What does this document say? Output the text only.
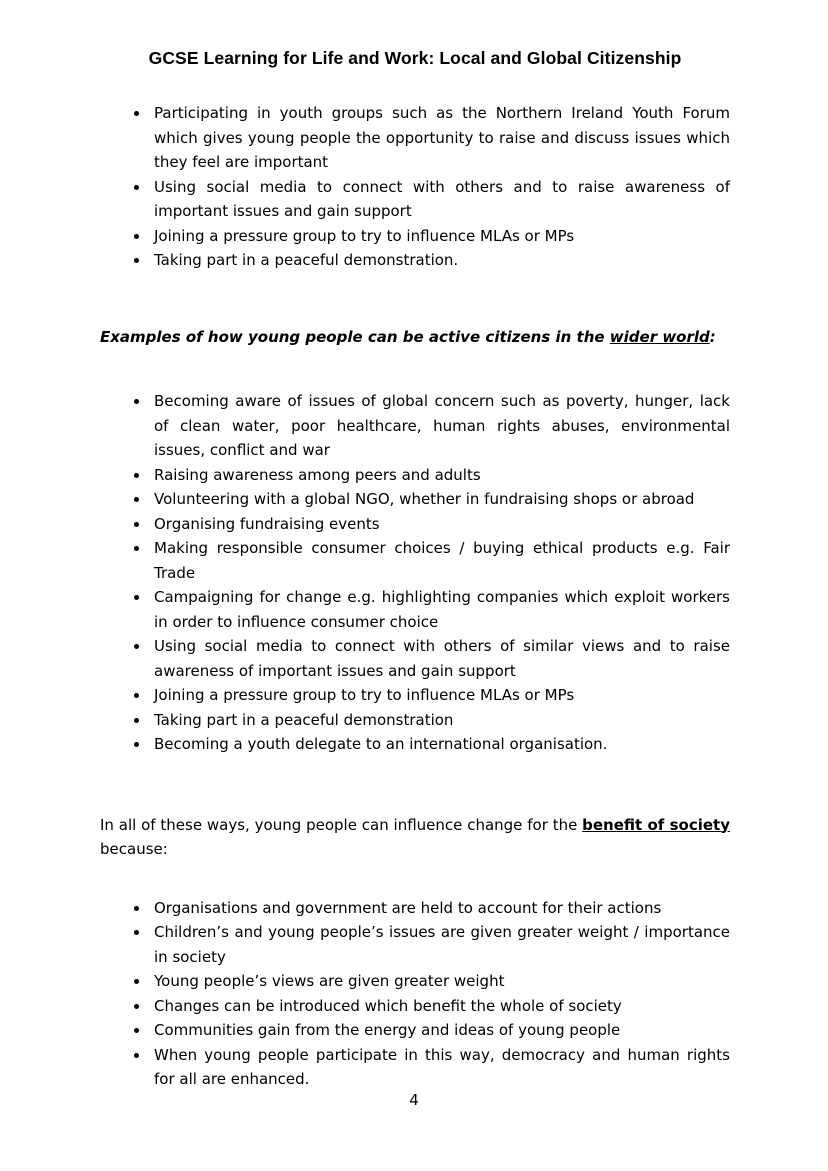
GCSE Learning for Life and Work: Local and Global Citizenship
• Participating in youth groups such as the Northern Ireland Youth Forum which gives young people the opportunity to raise and discuss issues which they feel are important
• Using social media to connect with others and to raise awareness of important issues and gain support
• Joining a pressure group to try to influence MLAs or MPs
• Taking part in a peaceful demonstration.

Examples of how young people can be active citizens in the wider world:

• Becoming aware of issues of global concern such as poverty, hunger, lack of clean water, poor healthcare, human rights abuses, environmental issues, conflict and war
• Raising awareness among peers and adults
• Volunteering with a global NGO, whether in fundraising shops or abroad
• Organising fundraising events
• Making responsible consumer choices / buying ethical products e.g. Fair Trade
• Campaigning for change e.g. highlighting companies which exploit workers in order to influence consumer choice
• Using social media to connect with others of similar views and to raise awareness of important issues and gain support
• Joining a pressure group to try to influence MLAs or MPs
• Taking part in a peaceful demonstration
• Becoming a youth delegate to an international organisation.

In all of these ways, young people can influence change for the benefit of society because:

• Organisations and government are held to account for their actions
• Children’s and young people’s issues are given greater weight / importance in society
• Young people’s views are given greater weight
• Changes can be introduced which benefit the whole of society
• Communities gain from the energy and ideas of young people
• When young people participate in this way, democracy and human rights for all are enhanced.
4
